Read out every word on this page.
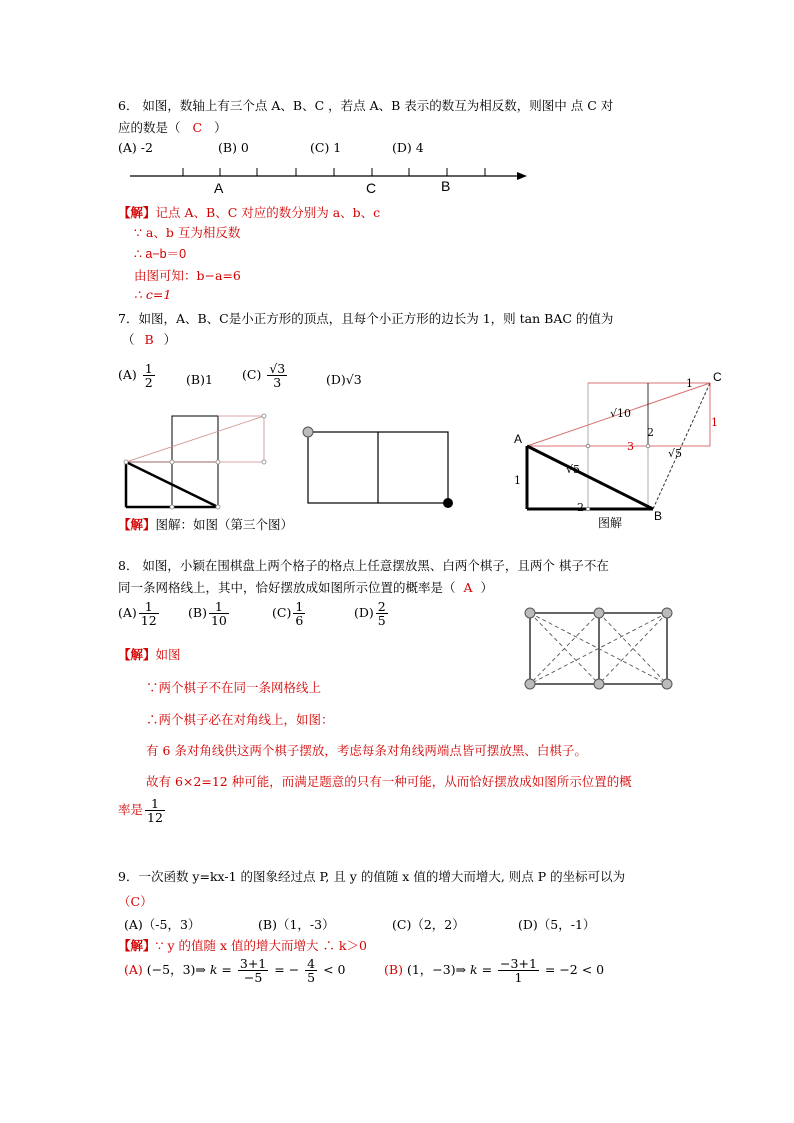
6． 如图，数轴上有三个点 A、B、C ，若点 A、B 表示的数互为相反数，则图中 点 C 对
应的数是（ C ）
(A) -2	(B) 0	(C) 1	(D) 4
A	C	B
【解】记点 A、B、C 对应的数分别为 a、b、c
∵ a、b 互为相反数
∴ a−b＝0
由图可知：b−a=6
∴ c=1
7．如图，A、B、C是小正方形的顶点，且每个小正方形的边长为 1，则 tan BAC 的值为
（ B ）
$(A) \frac{1}{2}$	(B)1 $(C) \frac{√3}{3}$	(D)√3
A
B
C
1
√10
1
2
3
√5
√5
1
2
图解
【解】图解：如图（第三个图）
8． 如图，小颖在围棋盘上两个格子的格点上任意摆放黑、白两个棋子，且两个 棋子不在
同一条网格线上，其中，恰好摆放成如图所示位置的概率是（ A ）
$(A) \frac{1}{12} (B) \frac{1}{10}$	$(C) \frac{1}{6}$	$(D) \frac{2}{5}$
【解】如图
∵两个棋子不在同一条网格线上
∴两个棋子必在对角线上，如图：
有 6 条对角线供这两个棋子摆放，考虑每条对角线两端点皆可摆放黑、白棋子。
故有 6×2=12 种可能，而满足题意的只有一种可能，从而恰好摆放成如图所示位置的概
率是 $\frac{1}{12}$
9．一次函数 y=kx-1 的图象经过点 P, 且 y 的值随 x 值的增大而增大, 则点 P 的坐标可以为
（C）
(A)（-5，3）	(B)（1，-3）	(C)（2，2）	(D)（5，-1）
【解】∵ y 的值随 x 值的增大而增大 ∴ k＞0
(A) (−5，3)⇒ $k = \frac{3+1}{-5}$ = − $\frac{4}{5} < 0$	(B) (1，−3)⇒ $k = \frac{-3+1}{1} = -2 < 0$
